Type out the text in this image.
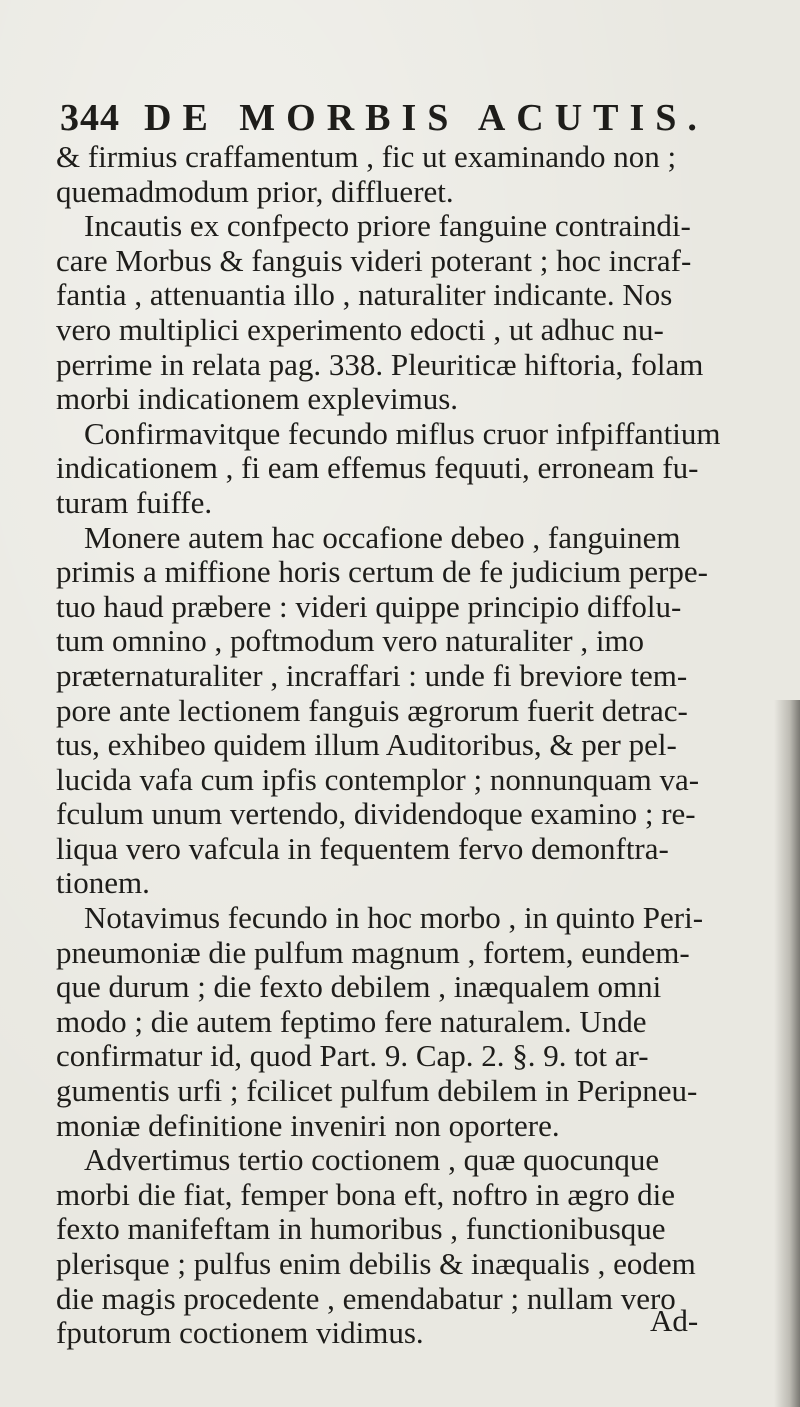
344 DE MORBIS ACUTIS.
& firmius craffamentum , fic ut examinando non ;
quemadmodum prior, difflueret.
Incautis ex confpecto priore fanguine contraindi-
care Morbus & fanguis videri poterant ; hoc incraf-
fantia , attenuantia illo , naturaliter indicante. Nos
vero multiplici experimento edocti , ut adhuc nu-
perrime in relata pag. 338. Pleuriticæ hiftoria, folam
morbi indicationem explevimus.
Confirmavitque fecundo miflus cruor infpiffantium
indicationem , fi eam effemus fequuti, erroneam fu-
turam fuiffe.
Monere autem hac occafione debeo , fanguinem
primis a miffione horis certum de fe judicium perpe-
tuo haud præbere : videri quippe principio diffolu-
tum omnino , poftmodum vero naturaliter , imo
præternaturaliter , incraffari : unde fi breviore tem-
pore ante lectionem fanguis ægrorum fuerit detrac-
tus, exhibeo quidem illum Auditoribus, & per pel-
lucida vafa cum ipfis contemplor ; nonnunquam va-
fculum unum vertendo, dividendoque examino ; re-
liqua vero vafcula in fequentem fervo demonftra-
tionem.
Notavimus fecundo in hoc morbo , in quinto Peri-
pneumoniæ die pulfum magnum , fortem, eundem-
que durum ; die fexto debilem , inæqualem omni
modo ; die autem feptimo fere naturalem. Unde
confirmatur id, quod Part. 9. Cap. 2. §. 9. tot ar-
gumentis urfi ; fcilicet pulfum debilem in Peripneu-
moniæ definitione inveniri non oportere.
Advertimus tertio coctionem , quæ quocunque
morbi die fiat, femper bona eft, noftro in ægro die
fexto manifeftam in humoribus , functionibusque
plerisque ; pulfus enim debilis & inæqualis , eodem
die magis procedente , emendabatur ; nullam vero
fputorum coctionem vidimus.	Ad-
